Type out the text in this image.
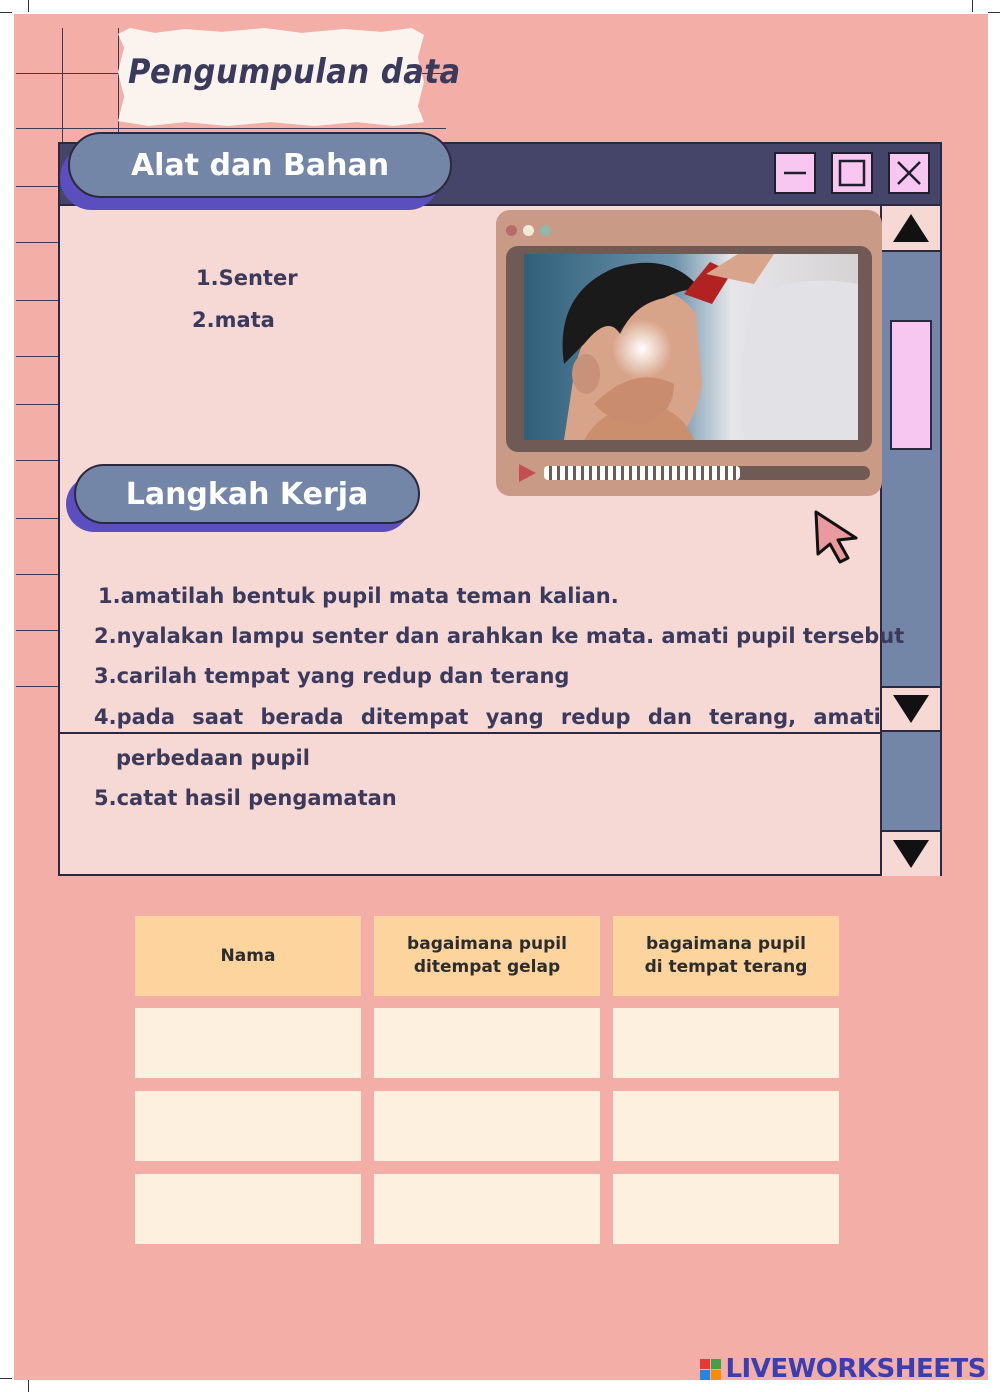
Pengumpulan data
1.Senter
2.mata
1.amatilah bentuk pupil mata teman kalian.
2.nyalakan lampu senter dan arahkan ke mata. amati pupil tersebut
3.carilah tempat yang redup dan terang
4.pada saat berada ditempat yang redup dan terang, amati
perbedaan pupil
5.catat hasil pengamatan
Alat dan Bahan
Langkah Kerja
Nama
bagaimana pupil ditempat gelap
bagaimana pupil di tempat terang
LIVEWORKSHEETS
